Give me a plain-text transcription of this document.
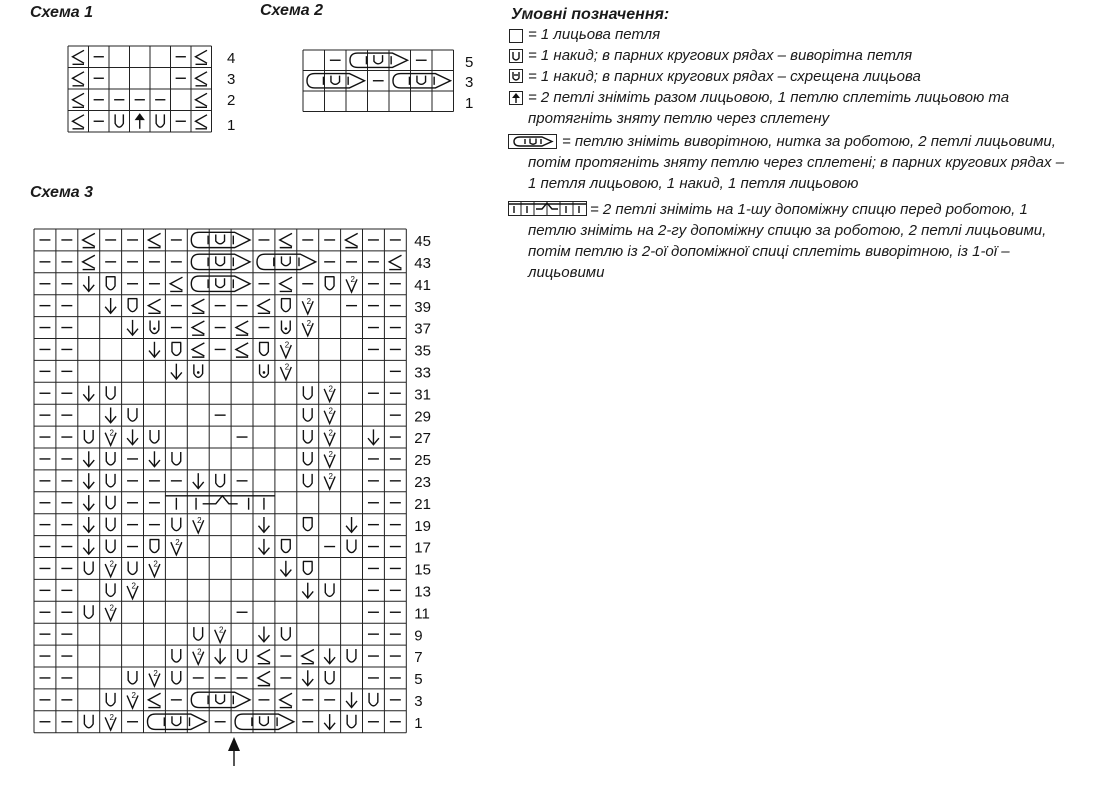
Схема 1
4
3
2
1
Схема 2
5
3
1
Схема 3
2
2
2
2
2
2
2
2	2
2
2
2
2
2	2
2
2
2
2
2
2
2
45
43
41
39
37
35
33
31
29
27
25
23
21
19
17
15
13
11
9
7
5
3
1
Умовні позначення:
= 1 лицьова петля
= 1 накид; в парних кругових рядах – виворітна петля
= 1 накид; в парних кругових рядах – схрещена лицьова
= 2 петлі зніміть разом лицьовою, 1 петлю сплетіть лицьовою та протягніть зняту петлю через сплетену
= петлю зніміть виворітною, нитка за роботою, 2 петлі лицьовими, потім протягніть зняту петлю через сплетені; в парних кругових рядах – 1 петля лицьовою, 1 накид, 1 петля лицьовою
= 2 петлі зніміть на 1-шу допоміжну спицю перед роботою, 1 петлю зніміть на 2-гу допоміжну спицю за роботою, 2 петлі лицьовими, потім петлю із 2-ої допоміжної спиці сплетіть виворітною, із 1-ої – лицьовими
